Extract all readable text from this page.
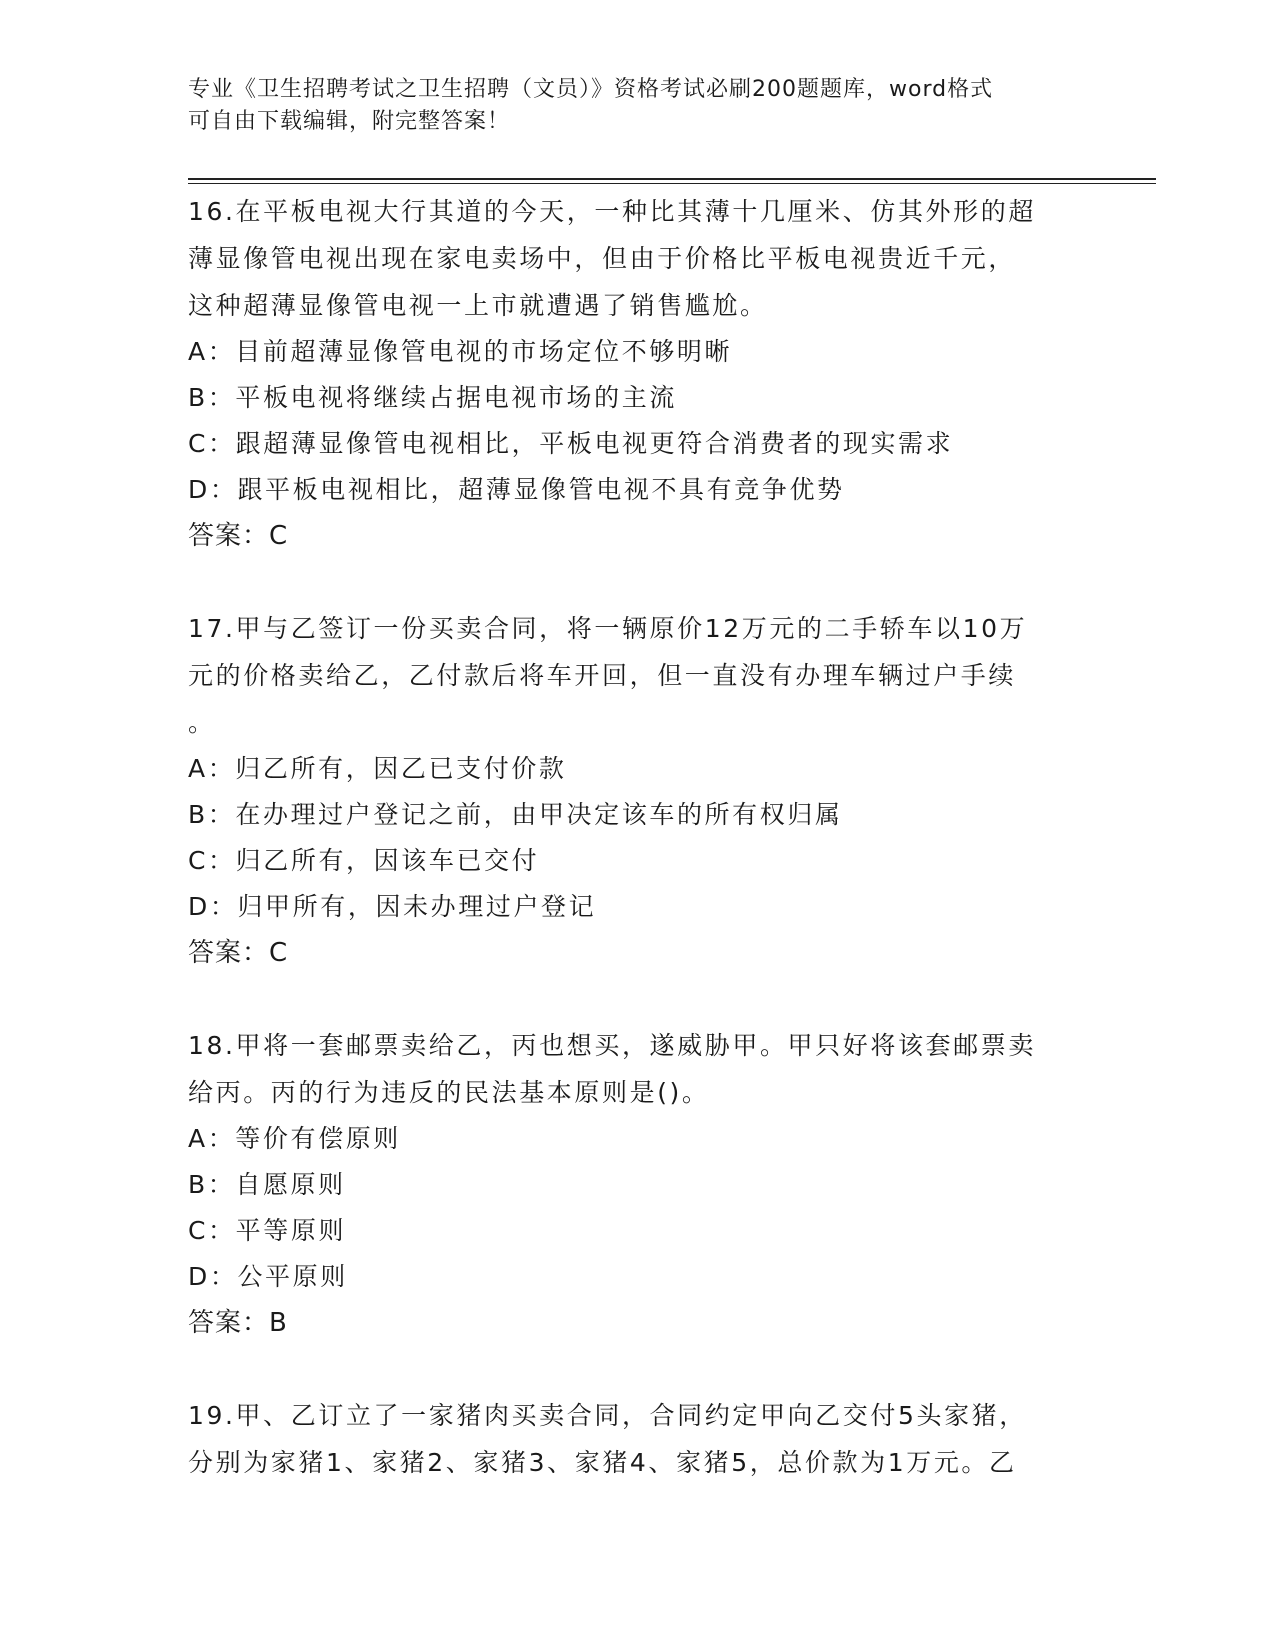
专业《卫生招聘考试之卫生招聘（文员）》资格考试必刷200题题库，word格式
可自由下载编辑，附完整答案！

16.在平板电视大行其道的今天，一种比其薄十几厘米、仿其外形的超

薄显像管电视出现在家电卖场中，但由于价格比平板电视贵近千元，

这种超薄显像管电视一上市就遭遇了销售尴尬。

A：目前超薄显像管电视的市场定位不够明晰

B：平板电视将继续占据电视市场的主流

C：跟超薄显像管电视相比，平板电视更符合消费者的现实需求

D：跟平板电视相比，超薄显像管电视不具有竞争优势

答案：C

17.甲与乙签订一份买卖合同，将一辆原价12万元的二手轿车以10万

元的价格卖给乙，乙付款后将车开回，但一直没有办理车辆过户手续

。

A：归乙所有，因乙已支付价款

B：在办理过户登记之前，由甲决定该车的所有权归属

C：归乙所有，因该车已交付

D：归甲所有，因未办理过户登记

答案：C

18.甲将一套邮票卖给乙，丙也想买，遂威胁甲。甲只好将该套邮票卖

给丙。丙的行为违反的民法基本原则是()。

A：等价有偿原则

B：自愿原则

C：平等原则

D：公平原则

答案：B

19.甲、乙订立了一家猪肉买卖合同，合同约定甲向乙交付5头家猪，

分别为家猪1、家猪2、家猪3、家猪4、家猪5，总价款为1万元。乙
